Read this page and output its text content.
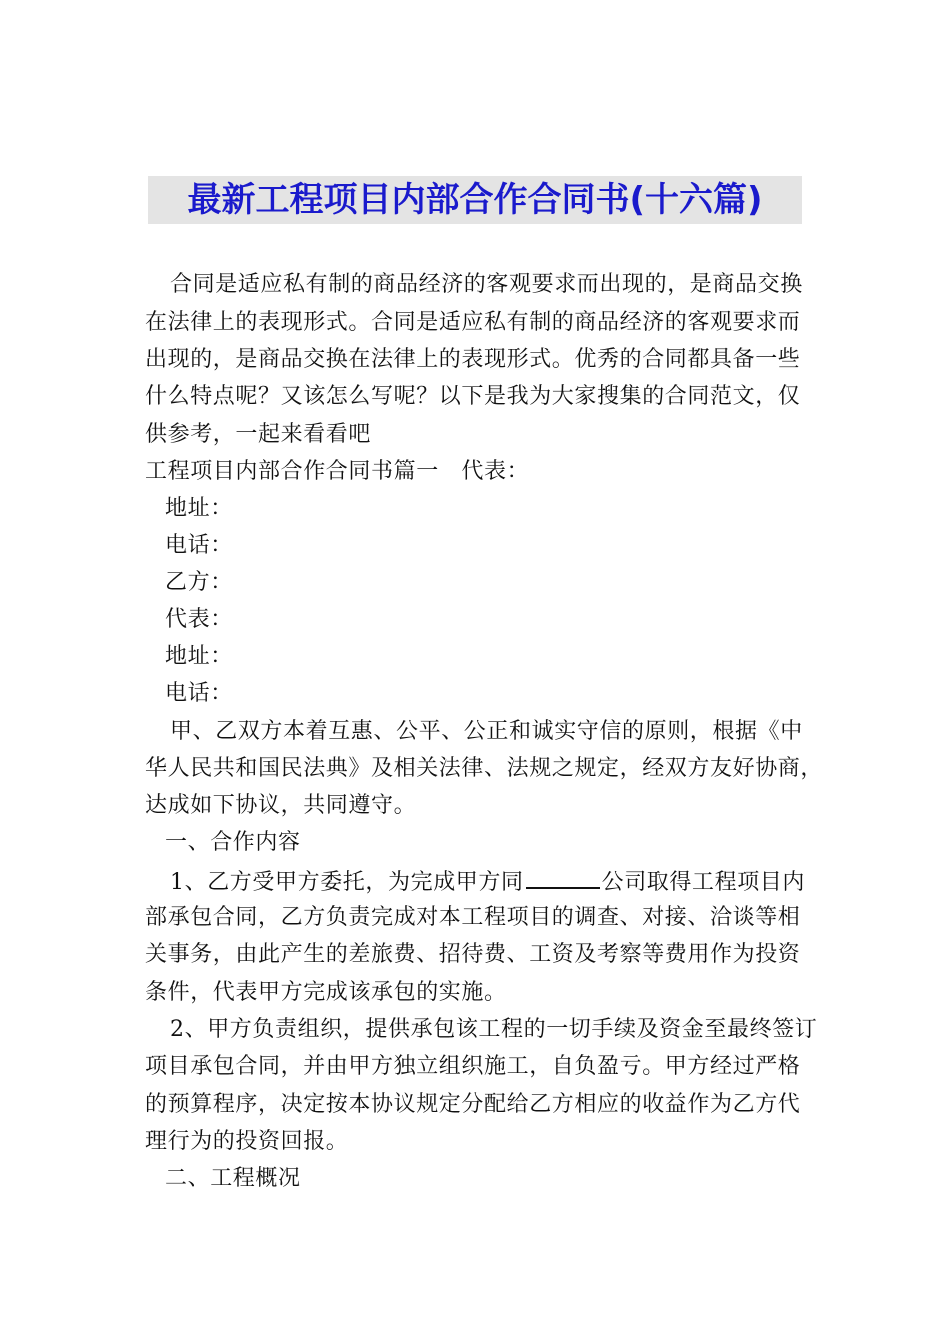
最新工程项目内部合作合同书(十六篇)
合同是适应私有制的商品经济的客观要求而出现的，是商品交换
在法律上的表现形式。合同是适应私有制的商品经济的客观要求而
出现的，是商品交换在法律上的表现形式。优秀的合同都具备一些
什么特点呢？又该怎么写呢？以下是我为大家搜集的合同范文，仅
供参考，一起来看看吧
工程项目内部合作合同书篇一　代表：
地址：
电话：
乙方：
代表：
地址：
电话：
甲、乙双方本着互惠、公平、公正和诚实守信的原则，根据《中
华人民共和国民法典》及相关法律、法规之规定，经双方友好协商，
达成如下协议，共同遵守。
一、合作内容
1、乙方受甲方委托，为完成甲方同	公司取得工程项目内
部承包合同，乙方负责完成对本工程项目的调查、对接、洽谈等相
关事务，由此产生的差旅费、招待费、工资及考察等费用作为投资
条件，代表甲方完成该承包的实施。
2、甲方负责组织，提供承包该工程的一切手续及资金至最终签订
项目承包合同，并由甲方独立组织施工，自负盈亏。甲方经过严格
的预算程序，决定按本协议规定分配给乙方相应的收益作为乙方代
理行为的投资回报。
二、工程概况
